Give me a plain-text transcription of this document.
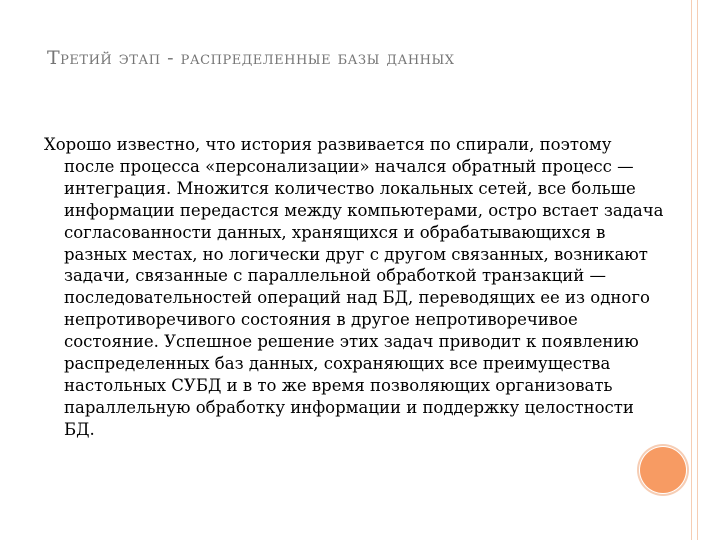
Третий этап - распределенные базы данных

Хорошо известно, что история развивается по спирали, поэтому после процесса «персонализации» начался обратный процесс — интеграция. Множится количество локальных сетей, все больше информации передастся между компьютерами, остро встает задача согласованности данных, хранящихся и обрабатывающихся в разных местах, но логически друг с другом связанных, возникают задачи, связанные с параллельной обработкой транзакций — последовательностей операций над БД, переводящих ее из одного непротиворечивого состояния в другое непротиворечивое состояние. Успешное решение этих задач приводит к появлению распределенных баз данных, сохраняющих все преимущества настольных СУБД и в то же время позволяющих организовать параллельную обработку информации и поддержку целостности БД.
